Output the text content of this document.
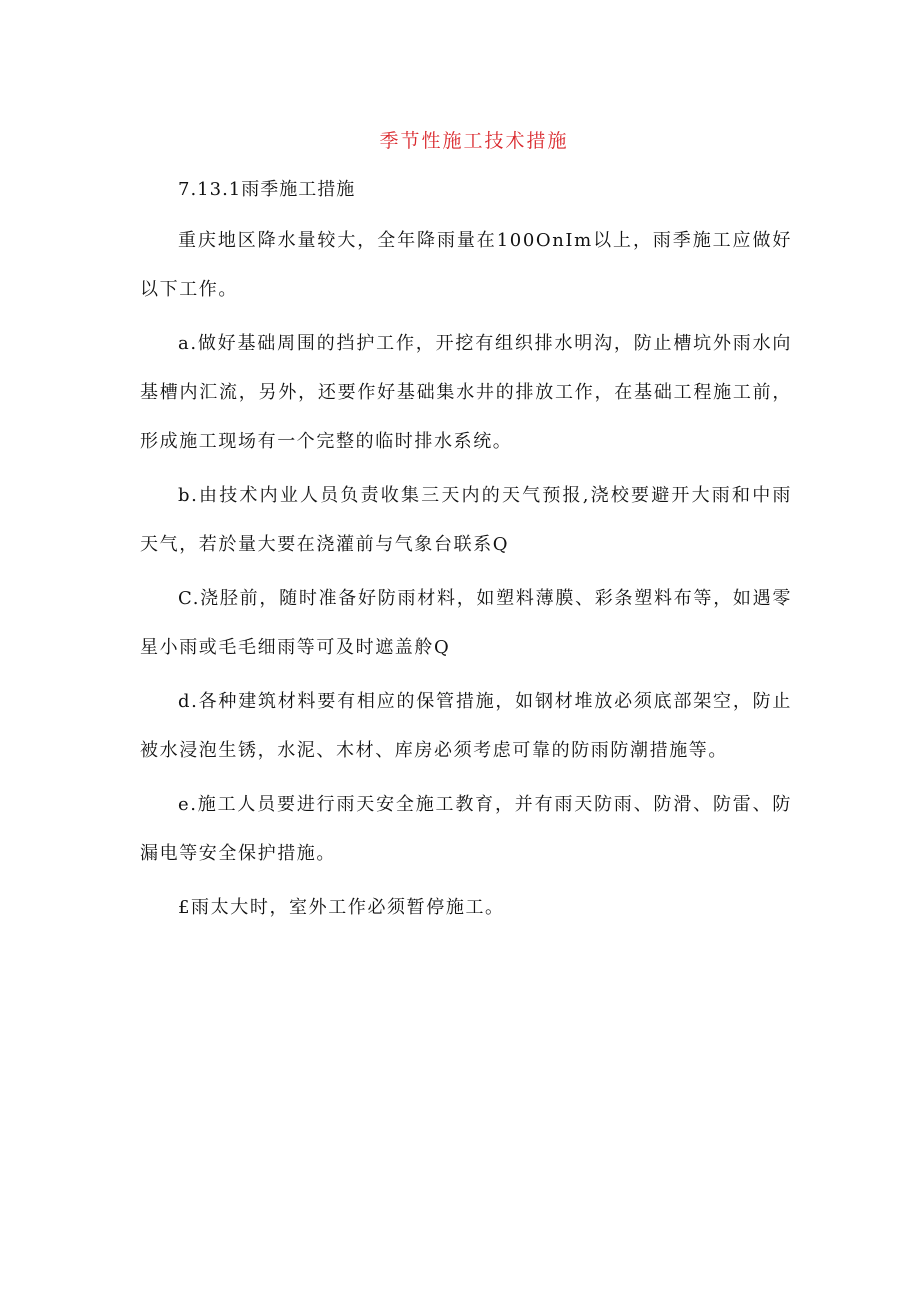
季节性施工技术措施
7.13.1雨季施工措施

重庆地区降水量较大，全年降雨量在100OnIm以上，雨季施工应做好以下工作。

a.做好基础周围的挡护工作，开挖有组织排水明沟，防止槽坑外雨水向基槽内汇流，另外，还要作好基础集水井的排放工作，在基础工程施工前，形成施工现场有一个完整的临时排水系统。

b.由技术内业人员负责收集三天内的天气预报,浇校要避开大雨和中雨天气，若於量大要在浇灌前与气象台联系Q

C.浇胫前，随时准备好防雨材料，如塑料薄膜、彩条塑料布等，如遇零星小雨或毛毛细雨等可及时遮盖舲Q

d.各种建筑材料要有相应的保管措施，如钢材堆放必须底部架空，防止被水浸泡生锈，水泥、木材、库房必须考虑可靠的防雨防潮措施等。

e.施工人员要进行雨天安全施工教育，并有雨天防雨、防滑、防雷、防漏电等安全保护措施。

£雨太大时，室外工作必须暂停施工。
